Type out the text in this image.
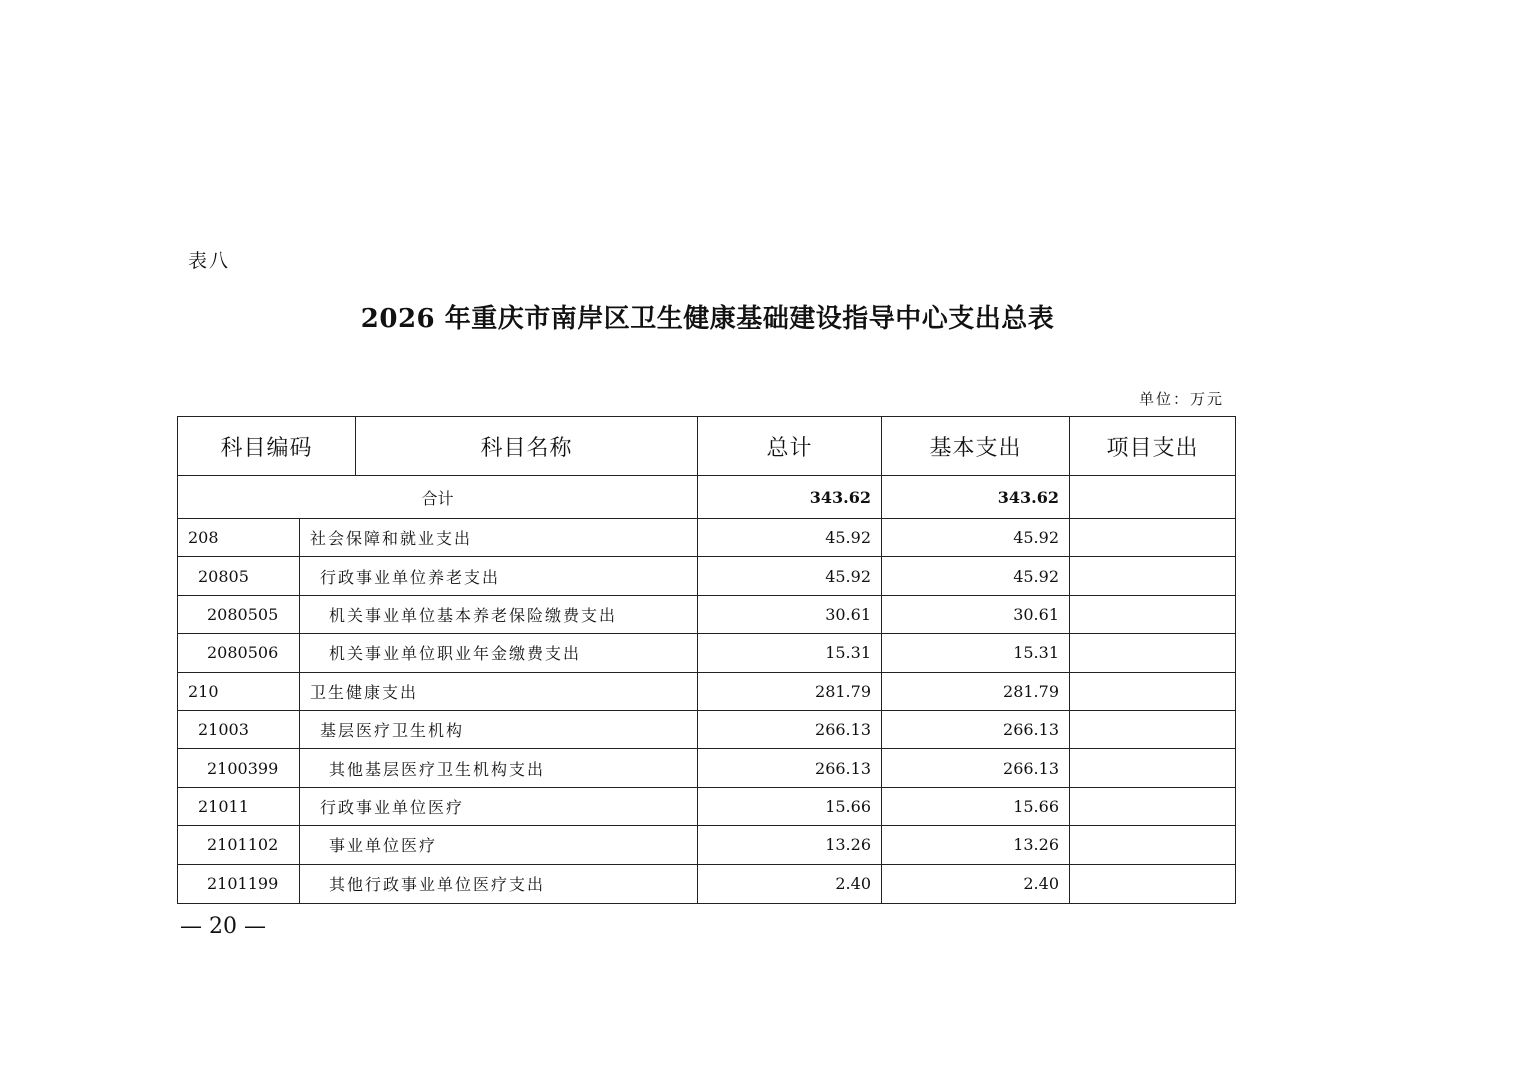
表八
2026 年重庆市南岸区卫生健康基础建设指导中心支出总表
单位：万元
科目编码	科目名称	总计	基本支出	项目支出
合计	343.62	343.62
208	社会保障和就业支出	45.92	45.92
20805	行政事业单位养老支出	45.92	45.92
2080505	机关事业单位基本养老保险缴费支出	30.61	30.61
2080506	机关事业单位职业年金缴费支出	15.31	15.31
210	卫生健康支出	281.79	281.79
21003	基层医疗卫生机构	266.13	266.13
2100399	其他基层医疗卫生机构支出	266.13	266.13
21011	行政事业单位医疗	15.66	15.66
2101102	事业单位医疗	13.26	13.26
2101199	其他行政事业单位医疗支出	2.40	2.40
— 20 —
